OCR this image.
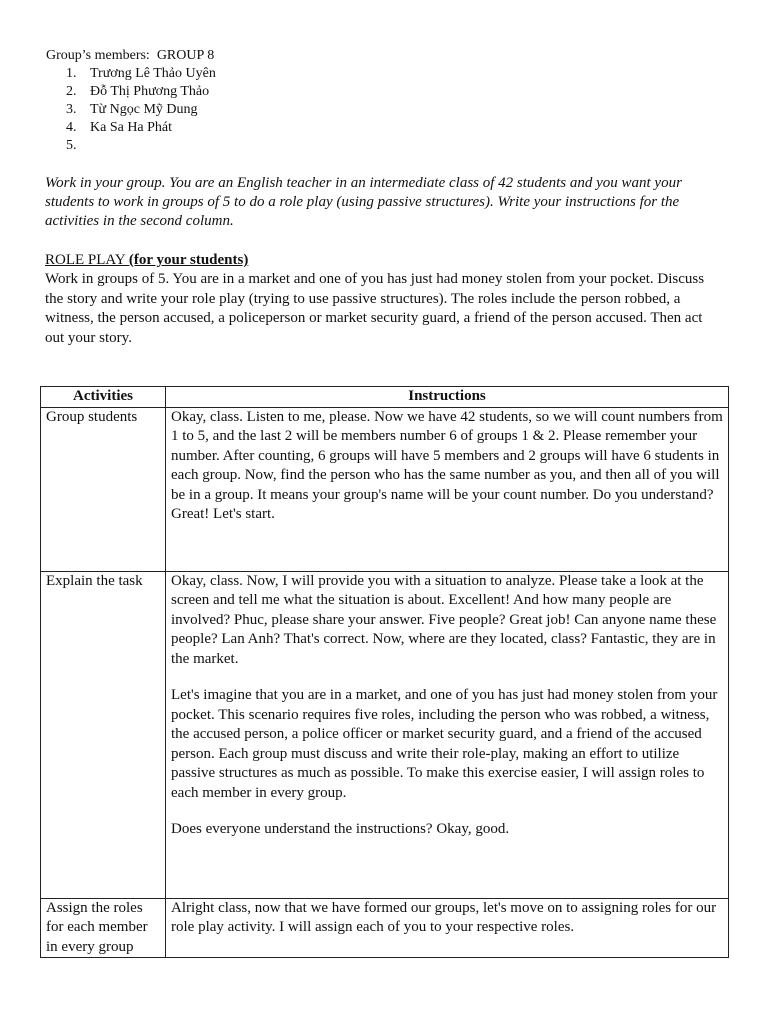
Group’s members:  GROUP 8
1. Trương Lê Thảo Uyên
2. Đỗ Thị Phương Thảo
3. Từ Ngọc Mỹ Dung
4. Ka Sa Ha Phát
5.
Work in your group. You are an English teacher in an intermediate class of 42 students and you want your students to work in groups of 5 to do a role play (using passive structures). Write your instructions for the activities in the second column.
ROLE PLAY (for your students)
Work in groups of 5. You are in a market and one of you has just had money stolen from your pocket. Discuss the story and write your role play (trying to use passive structures). The roles include the person robbed, a witness, the person accused, a policeperson or market security guard, a friend of the person accused. Then act out your story.
Activities	Instructions
Group students	Okay, class. Listen to me, please. Now we have 42 students, so we will count numbers from 1 to 5, and the last 2 will be members number 6 of groups 1 & 2. Please remember your number. After counting, 6 groups will have 5 members and 2 groups will have 6 students in each group. Now, find the person who has the same number as you, and then all of you will be in a group. It means your group's name will be your count number. Do you understand? Great! Let's start.

Explain the task	Okay, class. Now, I will provide you with a situation to analyze. Please take a look at the screen and tell me what the situation is about. Excellent! And how many people are involved? Phuc, please share your answer. Five people? Great job! Can anyone name these people? Lan Anh? That's correct. Now, where are they located, class? Fantastic, they are in the market.

Let's imagine that you are in a market, and one of you has just had money stolen from your pocket. This scenario requires five roles, including the person who was robbed, a witness, the accused person, a police officer or market security guard, and a friend of the accused person. Each group must discuss and write their role-play, making an effort to utilize passive structures as much as possible. To make this exercise easier, I will assign roles to each member in every group.

Does everyone understand the instructions? Okay, good.

Assign the roles for each member in every group	Alright class, now that we have formed our groups, let's move on to assigning roles for our role play activity. I will assign each of you to your respective roles.
